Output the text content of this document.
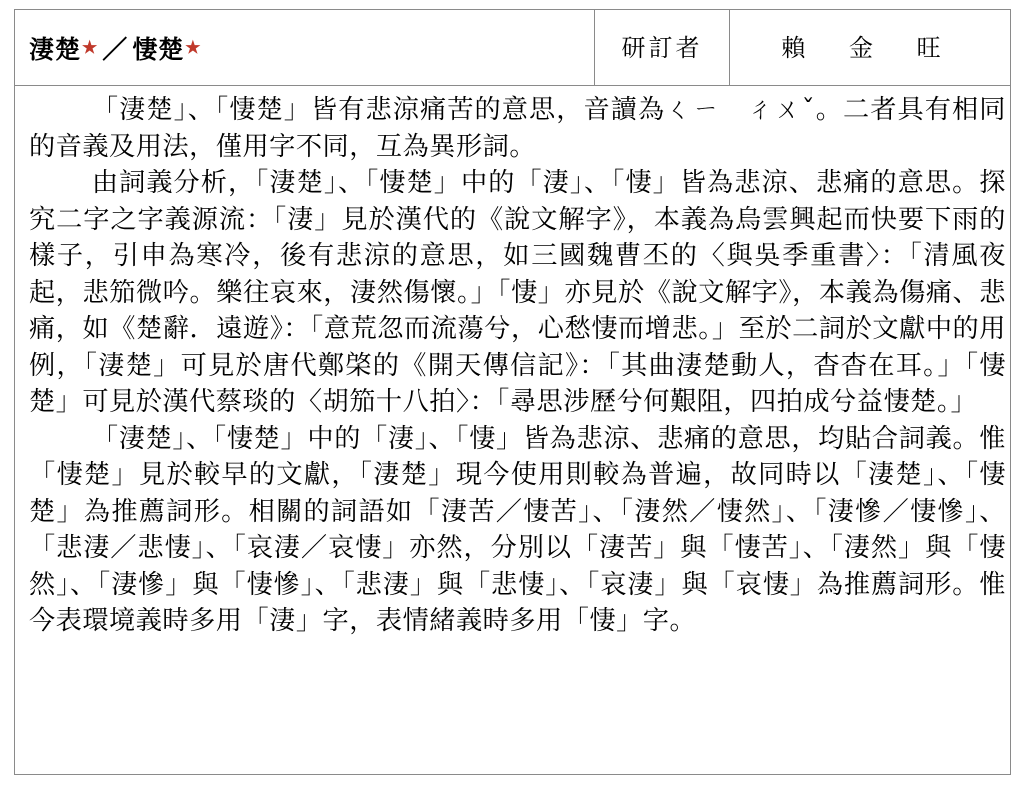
淒楚 ★ ／ 悽楚 ★	研訂者	賴 金 旺

「淒楚」、「悽楚」皆有悲涼痛苦的意思，音讀為ㄑㄧ　ㄔㄨˇ。二者具有相同的音義及用法，僅用字不同，互為異形詞。

由詞義分析，「淒楚」、「悽楚」中的「淒」、「悽」皆為悲涼、悲痛的意思。探究二字之字義源流：「淒」見於漢代的《說文解字》，本義為烏雲興起而快要下雨的樣子，引申為寒冷，後有悲涼的意思，如三國魏曹丕的〈與吳季重書〉：「清風夜起，悲笳微吟。樂往哀來，淒然傷懷。」「悽」亦見於《說文解字》，本義為傷痛、悲痛，如《楚辭．遠遊》：「意荒忽而流蕩兮，心愁悽而增悲。」至於二詞於文獻中的用例，「淒楚」可見於唐代鄭棨的《開天傳信記》：「其曲淒楚動人，杳杳在耳。」「悽楚」可見於漢代蔡琰的〈胡笳十八拍〉：「尋思涉歷兮何艱阻，四拍成兮益悽楚。」

「淒楚」、「悽楚」中的「淒」、「悽」皆為悲涼、悲痛的意思，均貼合詞義。惟「悽楚」見於較早的文獻，「淒楚」現今使用則較為普遍，故同時以「淒楚」、「悽楚」為推薦詞形。相關的詞語如「淒苦／悽苦」、「淒然／悽然」、「淒慘／悽慘」、「悲淒／悲悽」、「哀淒／哀悽」亦然，分別以「淒苦」與「悽苦」、「淒然」與「悽然」、「淒慘」與「悽慘」、「悲淒」與「悲悽」、「哀淒」與「哀悽」為推薦詞形。惟今表環境義時多用「淒」字，表情緒義時多用「悽」字。
